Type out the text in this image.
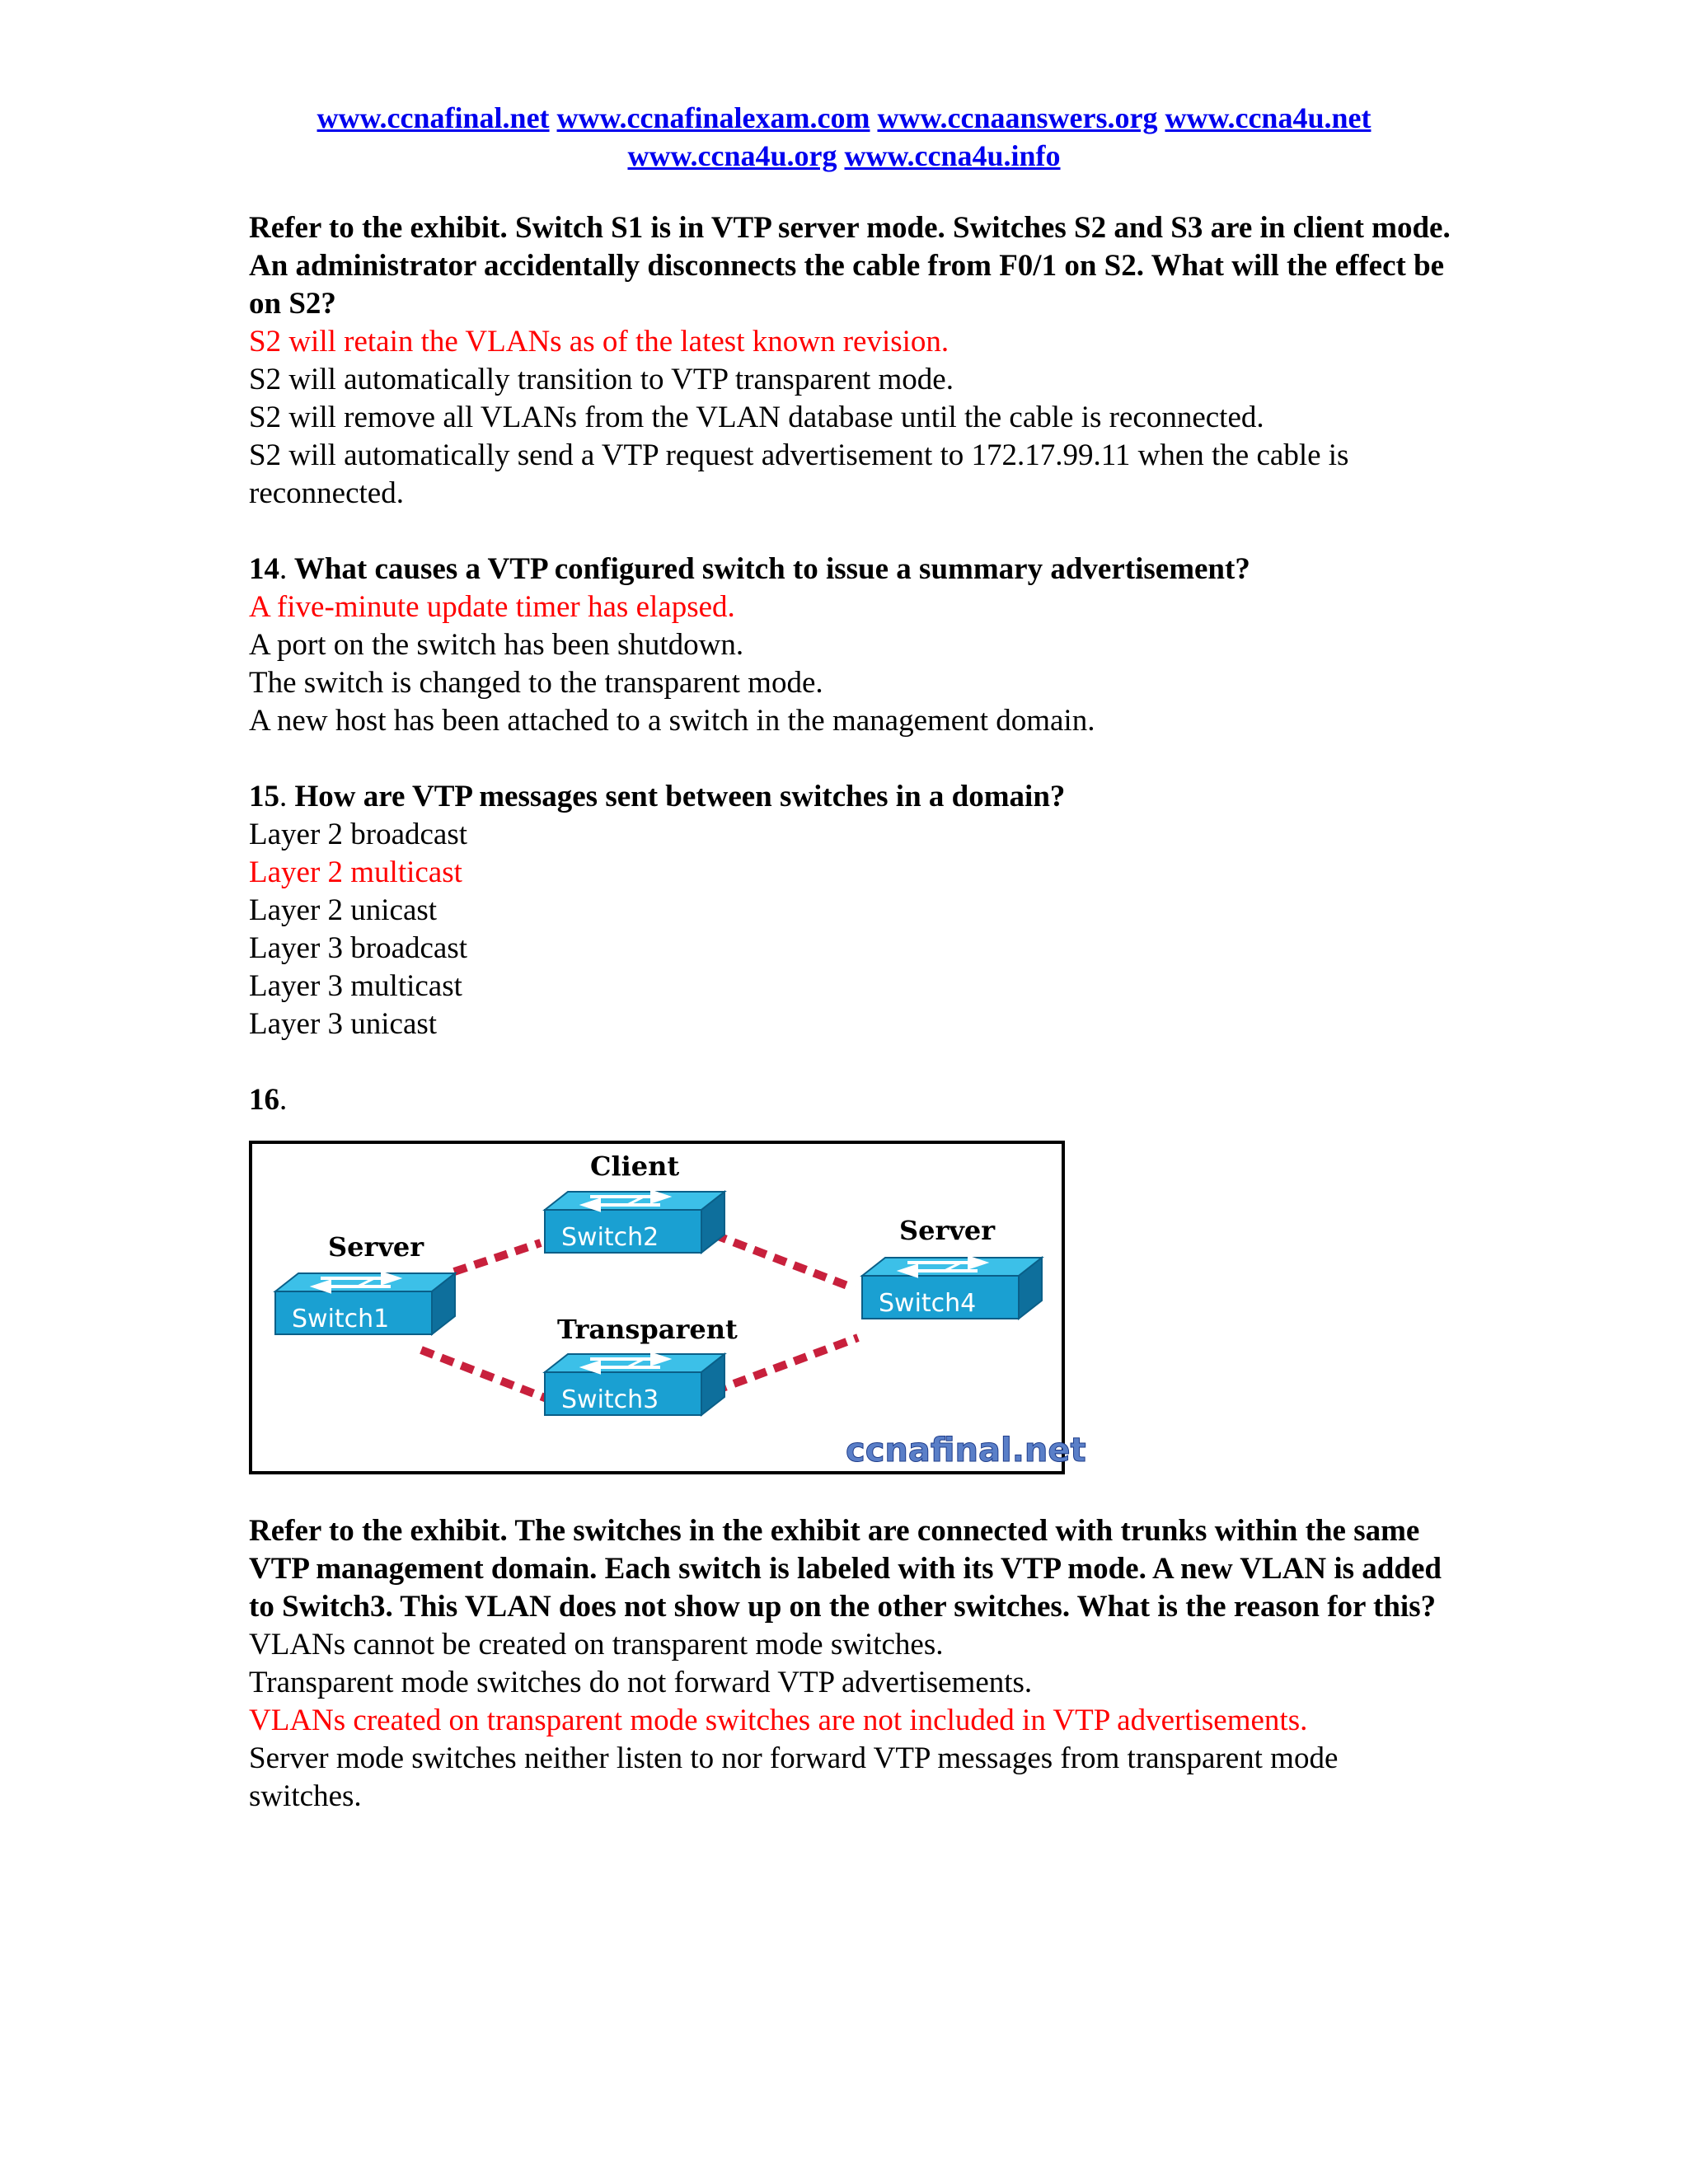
www.ccnafinal.net www.ccnafinalexam.com www.ccnaanswers.org www.ccna4u.net
www.ccna4u.org www.ccna4u.info
Refer to the exhibit. Switch S1 is in VTP server mode. Switches S2 and S3 are in client mode. An administrator accidentally disconnects the cable from F0/1 on S2. What will the effect be on S2?
S2 will retain the VLANs as of the latest known revision.
S2 will automatically transition to VTP transparent mode.
S2 will remove all VLANs from the VLAN database until the cable is reconnected.
S2 will automatically send a VTP request advertisement to 172.17.99.11 when the cable is reconnected.
14. What causes a VTP configured switch to issue a summary advertisement?
A five-minute update timer has elapsed.
A port on the switch has been shutdown.
The switch is changed to the transparent mode.
A new host has been attached to a switch in the management domain.
15. How are VTP messages sent between switches in a domain?
Layer 2 broadcast
Layer 2 multicast
Layer 2 unicast
Layer 3 broadcast
Layer 3 multicast
Layer 3 unicast
16.
Switch2
Client
Switch1
Server
Switch4
Server
Switch3
Transparent
ccnafinal.net
Refer to the exhibit. The switches in the exhibit are connected with trunks within the same VTP management domain. Each switch is labeled with its VTP mode. A new VLAN is added to Switch3. This VLAN does not show up on the other switches. What is the reason for this?
VLANs cannot be created on transparent mode switches.
Transparent mode switches do not forward VTP advertisements.
VLANs created on transparent mode switches are not included in VTP advertisements.
Server mode switches neither listen to nor forward VTP messages from transparent mode switches.
